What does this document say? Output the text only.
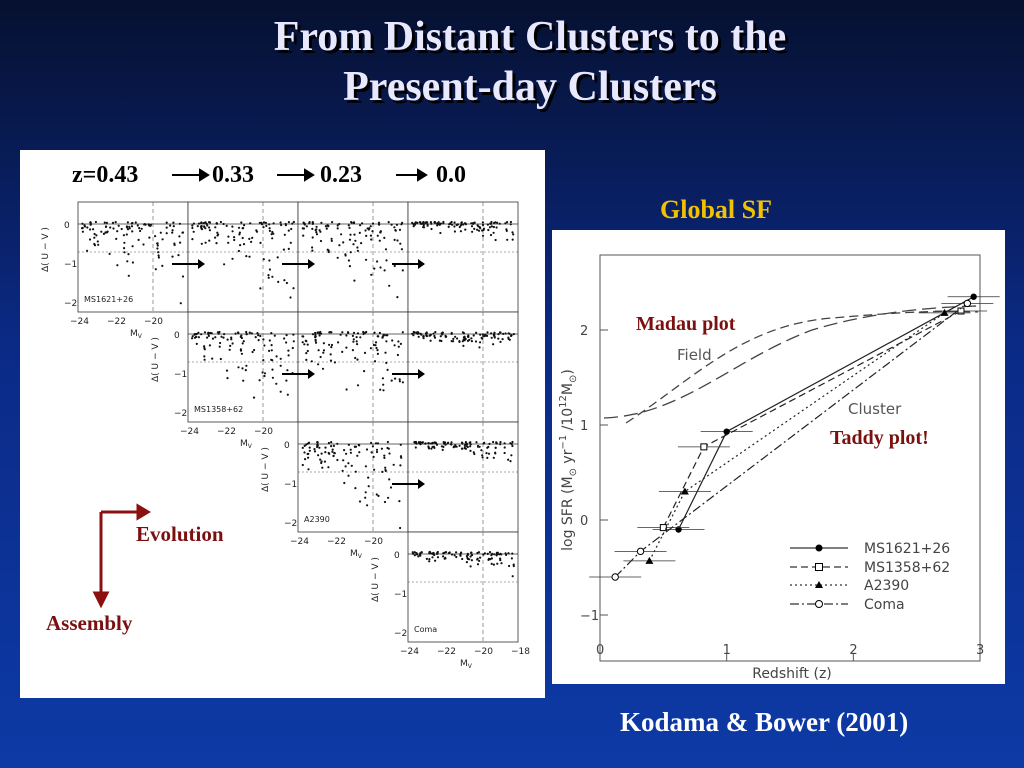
From Distant Clusters to the
Present-day Clusters
z=0.43	0.33	0.23	0.0
MS1621+26
0
−1
−2
−24 −22 −20
Δ( U − V )
$M_V$
MS1358+62
0
−1
−2
−24 −22 −20
Δ( U − V )
$M_V$
A2390
0
−1
−2
−24 −22 −20
Δ( U − V )
$M_V$
Coma
0
−1
−2
−24 −22 −20 −18
Δ( U − V )
$M_V$
Evolution
Assembly
Global SF
0	1	2	3
2
1
0
−1
Redshift (z)
log SFR ($M_⊙$ $yr^{-1}$ $/10^{12}M_⊙$)
Field
Cluster
MS1621+26
MS1358+62
A2390
Coma
Madau plot
Taddy plot!
Kodama & Bower (2001)
